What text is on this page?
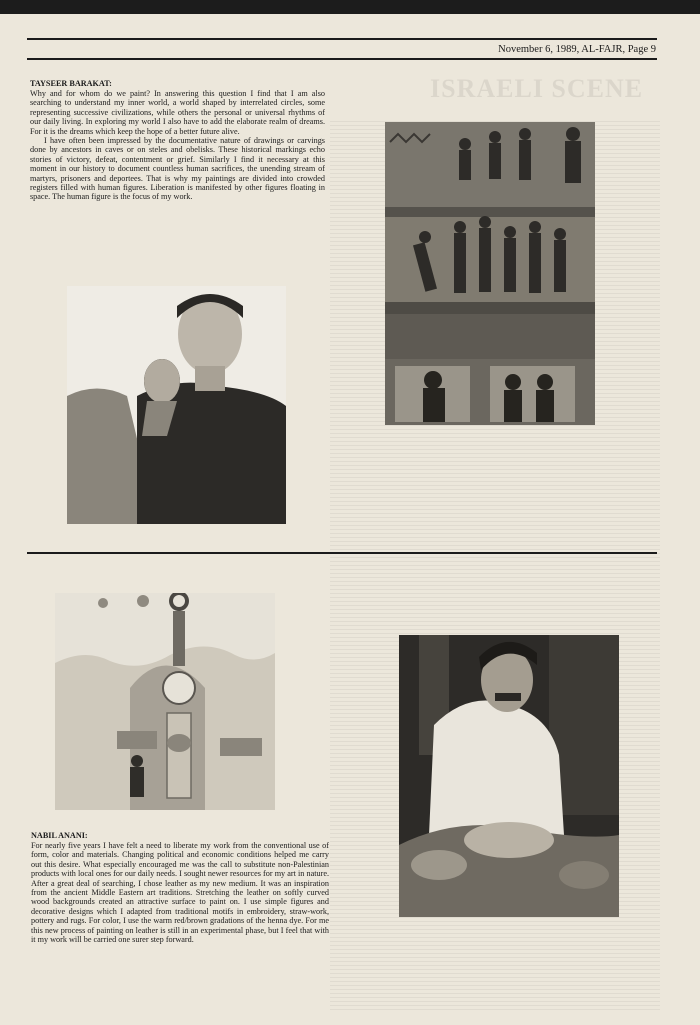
ISRAELI SCENE
November 6, 1989, AL-FAJR, Page 9
TAYSEER BARAKAT:

Why and for whom do we paint? In answering this question I find that I am also searching to understand my inner world, a world shaped by interrelated circles, some representing successive civilizations, while others the personal or universal rhythms of our daily living. In exploring my world I also have to add the elaborate realm of dreams. For it is the dreams which keep the hope of a better future alive.

I have often been impressed by the documentative nature of drawings or carvings done by ancestors in caves or on steles and obelisks. These historical markings echo stories of victory, defeat, contentment or grief. Similarly I find it necessary at this moment in our history to document countless human sacrifices, the unending stream of martyrs, prisoners and deportees. That is why my paintings are divided into crowded registers filled with human figures. Liberation is manifested by other figures floating in space. The human figure is the focus of my work.

NABIL ANANI:

For nearly five years I have felt a need to liberate my work from the conventional use of form, color and materials. Changing political and economic conditions helped me carry out this desire. What especially encouraged me was the call to substitute non-Palestinian products with local ones for our daily needs. I sought newer resources for my art in nature. After a great deal of searching, I chose leather as my new medium. It was an inspiration from the ancient Middle Eastern art traditions. Stretching the leather on softly curved wood backgrounds created an attractive surface to paint on. I use simple figures and decorative designs which I adapted from traditional motifs in embroidery, straw-work, pottery and rugs. For color, I use the warm red/brown gradations of the henna dye. For me this new process of painting on leather is still in an experimental phase, but I feel that with it my work will be carried one surer step forward.
